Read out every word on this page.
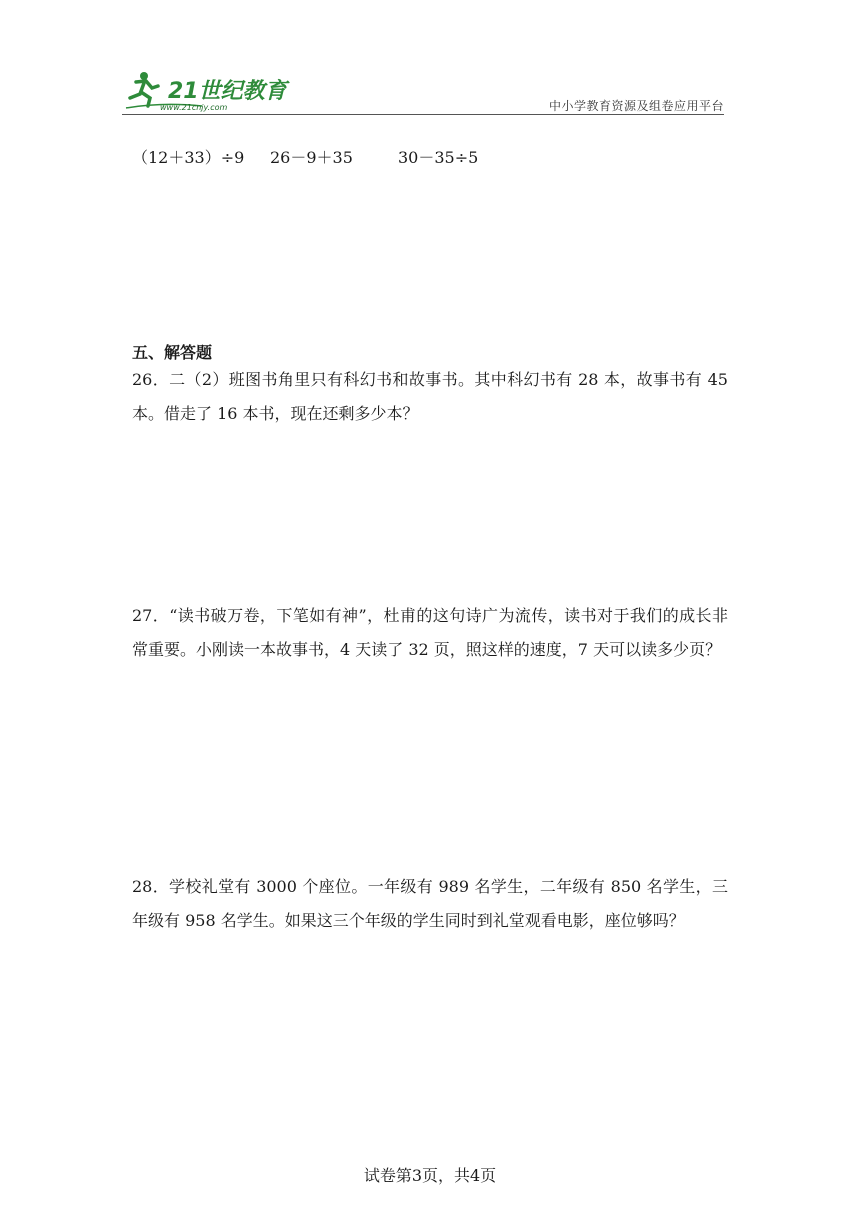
21世纪教育
www.21cnjy.com	中小学教育资源及组卷应用平台
（12＋33）÷9 26－9＋35	30－35÷5
五、解答题
26．二（2）班图书角里只有科幻书和故事书。其中科幻书有 28 本，故事书有 45 本。借走了 16 本书，现在还剩多少本？
27．“读书破万卷，下笔如有神”，杜甫的这句诗广为流传，读书对于我们的成长非常重要。小刚读一本故事书，4 天读了 32 页，照这样的速度，7 天可以读多少页？
28．学校礼堂有 3000 个座位。一年级有 989 名学生，二年级有 850 名学生，三年级有 958 名学生。如果这三个年级的学生同时到礼堂观看电影，座位够吗？
试卷第3页，共4页
